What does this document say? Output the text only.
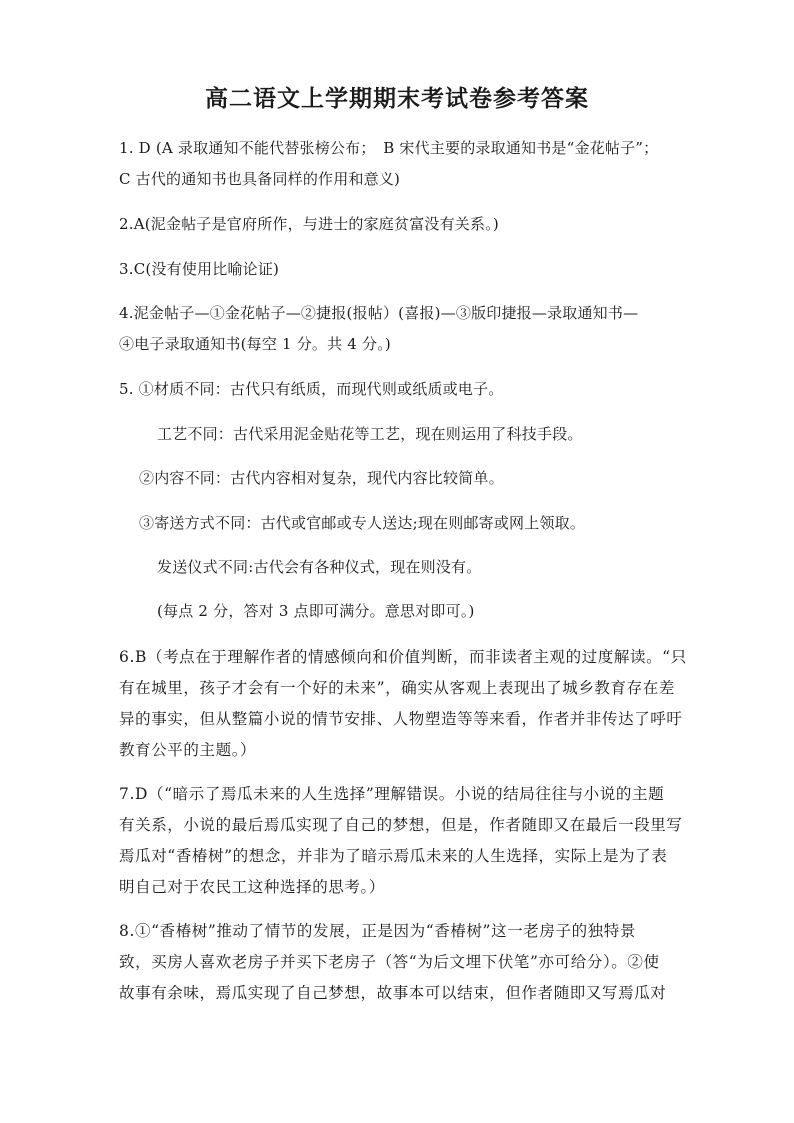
高二语文上学期期末考试卷参考答案
1. D (A 录取通知不能代替张榜公布；　B 宋代主要的录取通知书是“金花帖子”；
C 古代的通知书也具备同样的作用和意义)
2.A(泥金帖子是官府所作，与进士的家庭贫富没有关系。)
3.C(没有使用比喻论证)
4.泥金帖子—①金花帖子—②捷报(报帖）(喜报)—③版印捷报—录取通知书—
④电子录取通知书(每空 1 分。共 4 分。)
5. ①材质不同：古代只有纸质，而现代则或纸质或电子。
工艺不同：古代采用泥金贴花等工艺，现在则运用了科技手段。
②内容不同：古代内容相对复杂，现代内容比较简单。
③寄送方式不同：古代或官邮或专人送达;现在则邮寄或网上领取。
发送仪式不同:古代会有各种仪式，现在则没有。
(每点 2 分，答对 3 点即可满分。意思对即可。)
6.B（考点在于理解作者的情感倾向和价值判断，而非读者主观的过度解读。“只
有在城里，孩子才会有一个好的未来”，确实从客观上表现出了城乡教育存在差
异的事实，但从整篇小说的情节安排、人物塑造等等来看，作者并非传达了呼吁
教育公平的主题。）
7.D（“暗示了焉瓜未来的人生选择”理解错误。小说的结局往往与小说的主题
有关系，小说的最后焉瓜实现了自己的梦想，但是，作者随即又在最后一段里写
焉瓜对“香椿树”的想念，并非为了暗示焉瓜未来的人生选择，实际上是为了表
明自己对于农民工这种选择的思考。）
8.①“香椿树”推动了情节的发展，正是因为“香椿树”这一老房子的独特景
致，买房人喜欢老房子并买下老房子（答“为后文埋下伏笔”亦可给分）。②使
故事有余味，焉瓜实现了自己梦想，故事本可以结束，但作者随即又写焉瓜对
